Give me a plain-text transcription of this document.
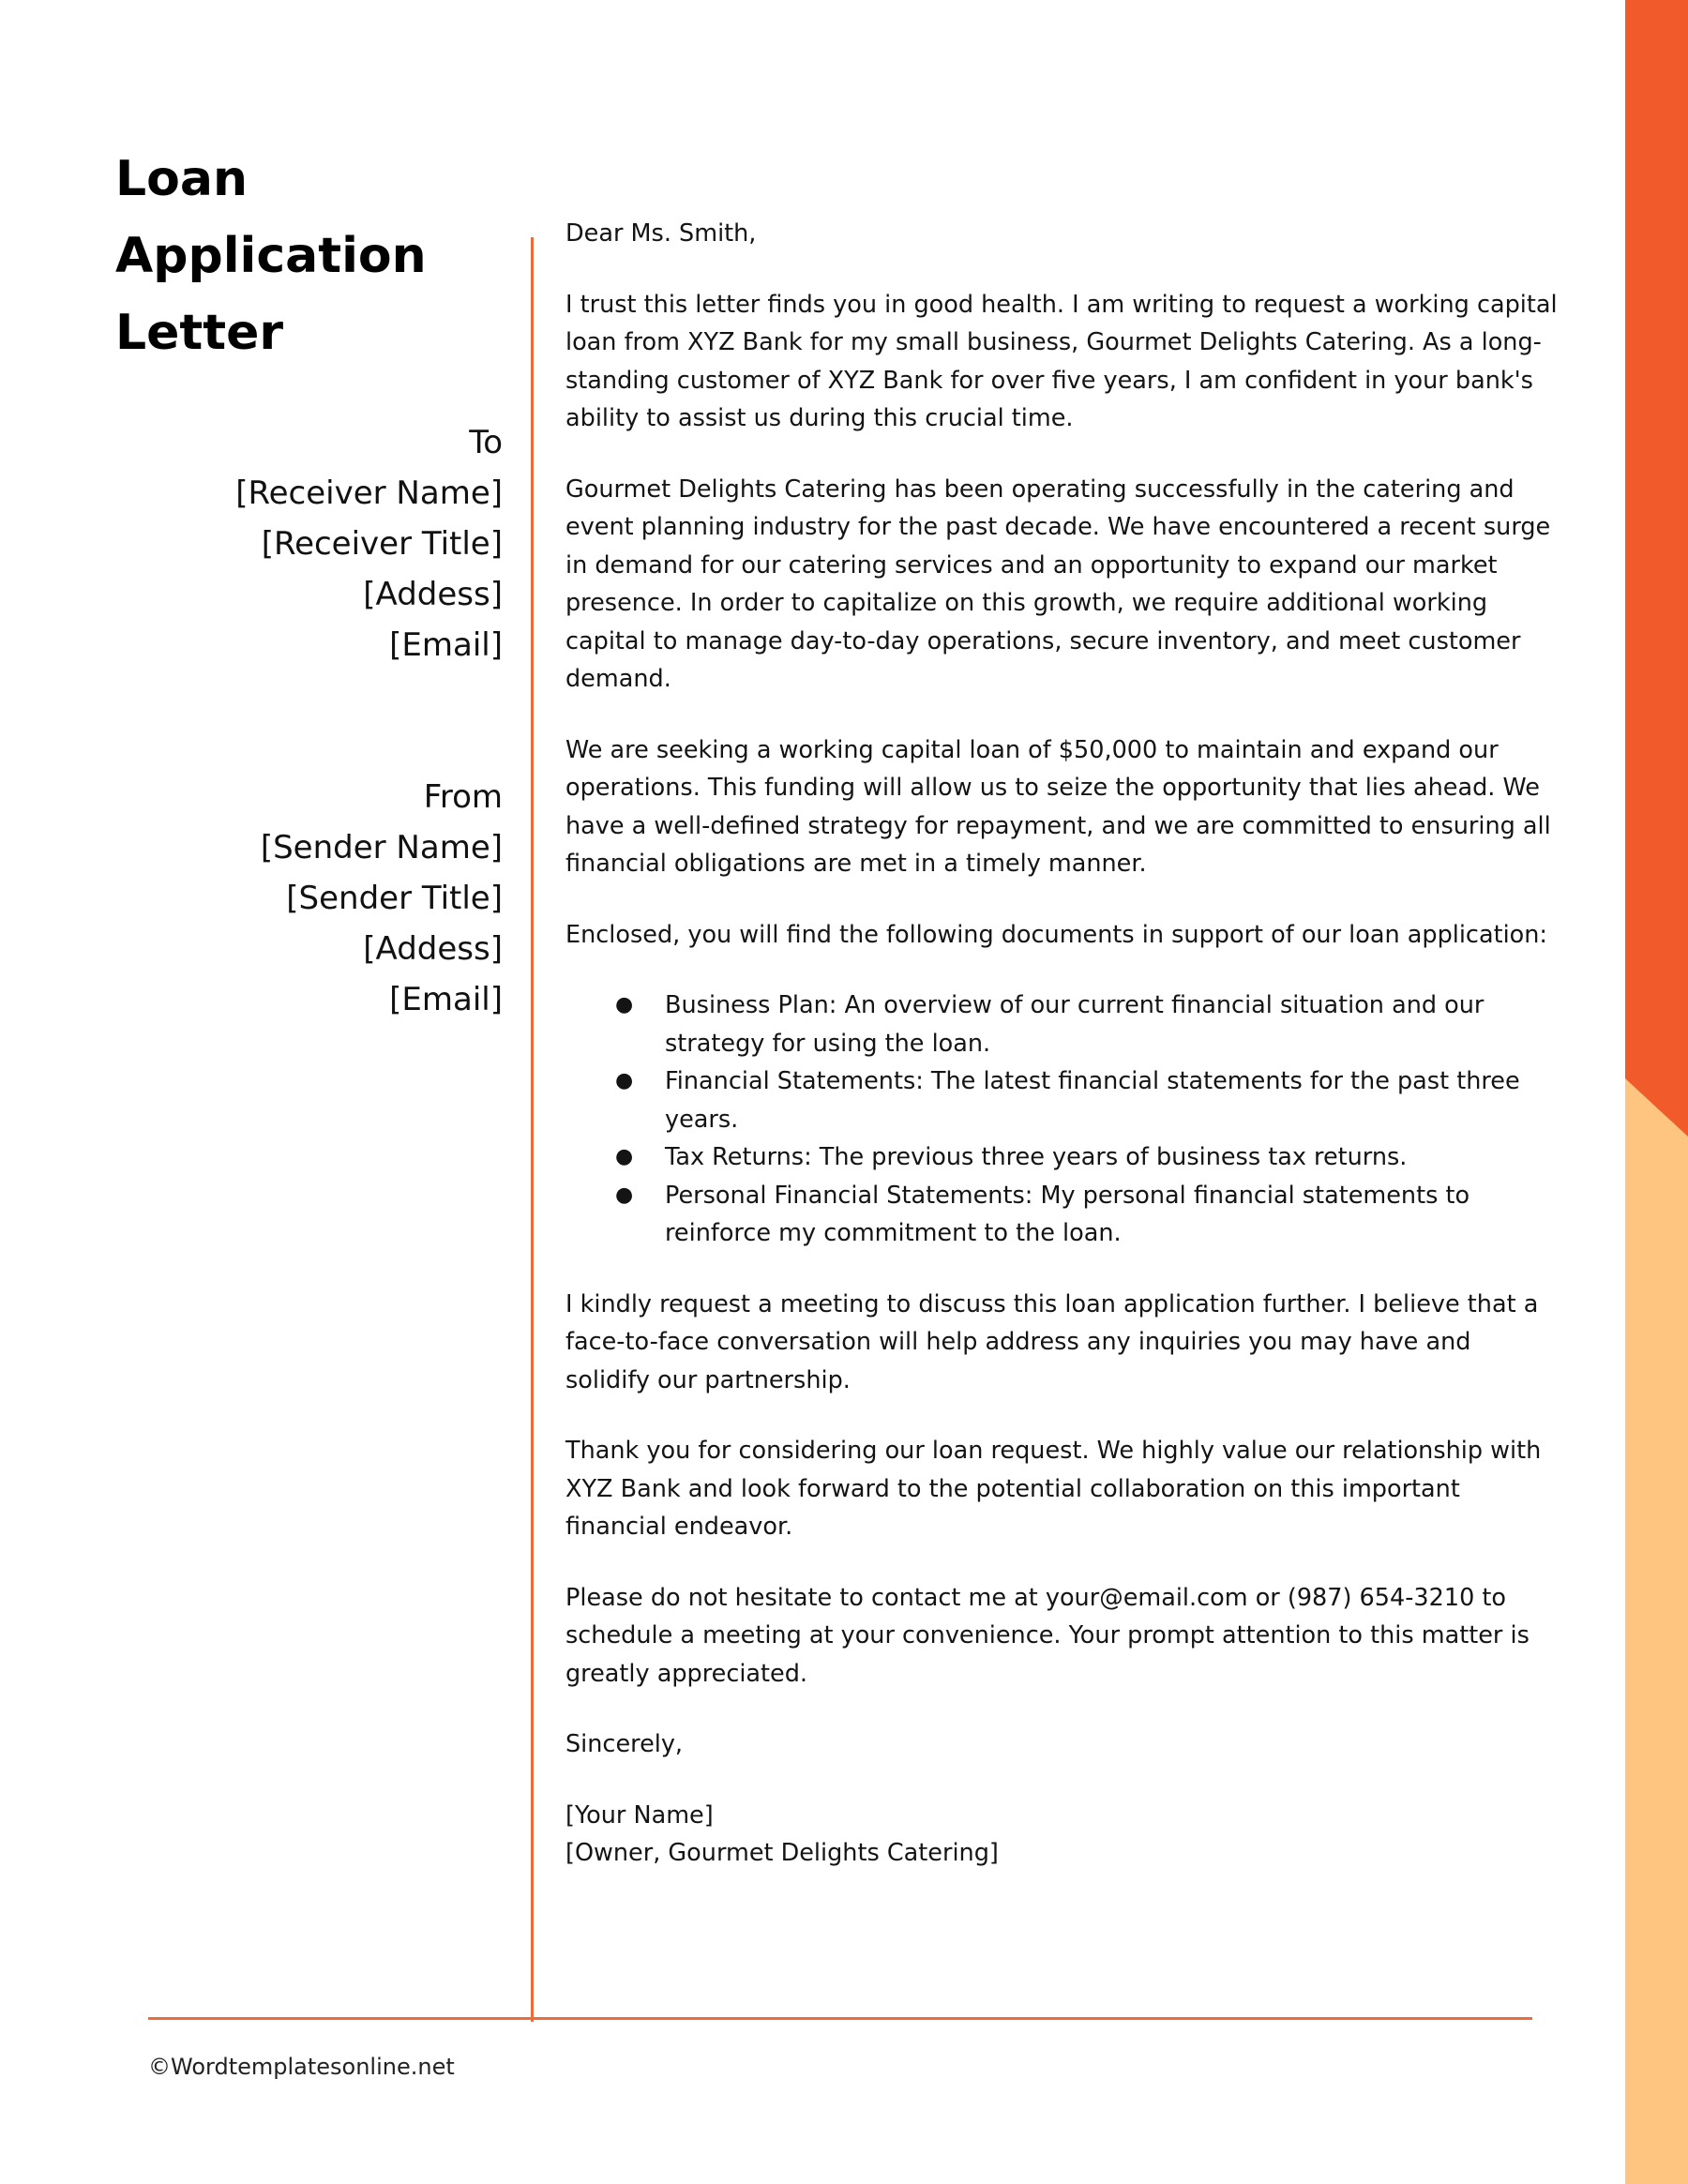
Loan
Application
Letter
To
[Receiver Name]
[Receiver Title]
[Addess]
[Email]
From
[Sender Name]
[Sender Title]
[Addess]
[Email]

Dear Ms. Smith,

I trust this letter finds you in good health. I am writing to request a working capital loan from XYZ Bank for my small business, Gourmet Delights Catering. As a long-standing customer of XYZ Bank for over five years, I am confident in your bank's ability to assist us during this crucial time.

Gourmet Delights Catering has been operating successfully in the catering and event planning industry for the past decade. We have encountered a recent surge in demand for our catering services and an opportunity to expand our market presence. In order to capitalize on this growth, we require additional working capital to manage day-to-day operations, secure inventory, and meet customer demand.

We are seeking a working capital loan of $50,000 to maintain and expand our operations. This funding will allow us to seize the opportunity that lies ahead. We have a well-defined strategy for repayment, and we are committed to ensuring all financial obligations are met in a timely manner.

Enclosed, you will find the following documents in support of our loan application:

● Business Plan: An overview of our current financial situation and our strategy for using the loan.
● Financial Statements: The latest financial statements for the past three years.
● Tax Returns: The previous three years of business tax returns.
● Personal Financial Statements: My personal financial statements to reinforce my commitment to the loan.

I kindly request a meeting to discuss this loan application further. I believe that a face-to-face conversation will help address any inquiries you may have and solidify our partnership.

Thank you for considering our loan request. We highly value our relationship with XYZ Bank and look forward to the potential collaboration on this important financial endeavor.

Please do not hesitate to contact me at your@email.com or (987) 654-3210 to schedule a meeting at your convenience. Your prompt attention to this matter is greatly appreciated.

Sincerely,

[Your Name]

[Owner, Gourmet Delights Catering]

©Wordtemplatesonline.net
